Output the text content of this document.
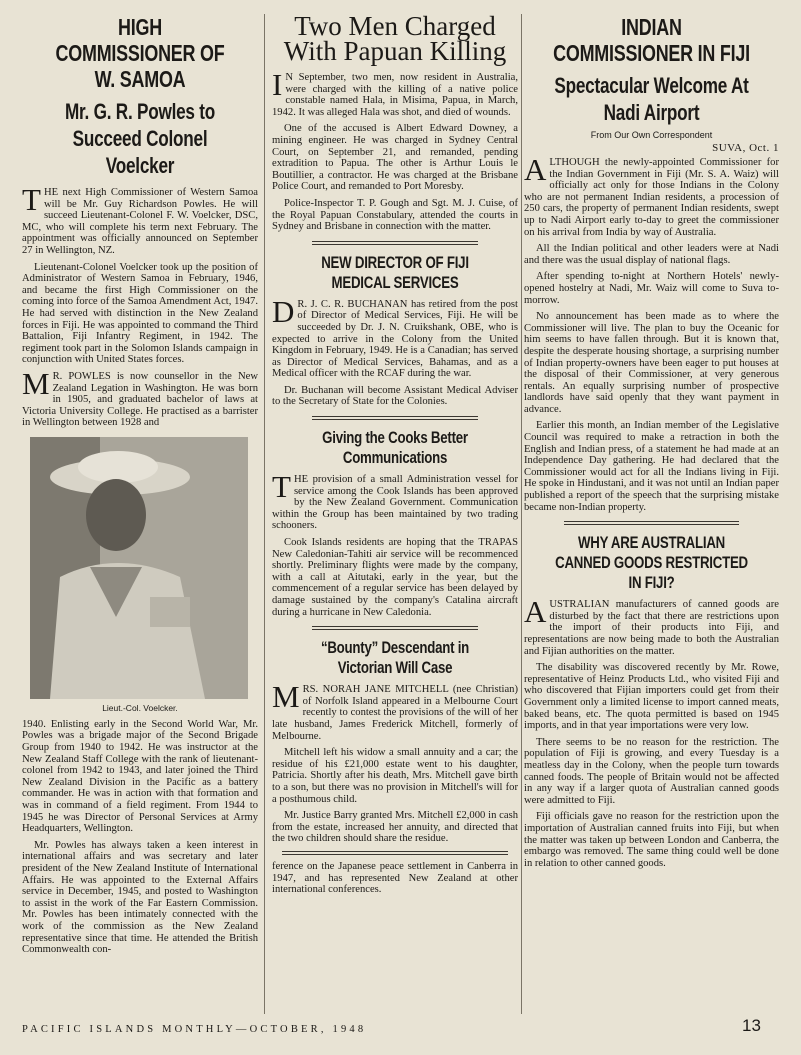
HIGH COMMISSIONER OF W. SAMOA
Mr. G. R. Powles to Succeed Colonel Voelcker

THE next High Commissioner of Western Samoa will be Mr. Guy Richardson Powles. He will succeed Lieutenant-Colonel F. W. Voelcker, DSC, MC, who will complete his term next February. The appointment was officially announced on September 27 in Wellington, NZ.

Lieutenant-Colonel Voelcker took up the position of Administrator of Western Samoa in February, 1946, and became the first High Commissioner on the coming into force of the Samoa Amendment Act, 1947. He had served with distinction in the New Zealand forces in Fiji. He was appointed to command the Third Battalion, Fiji Infantry Regiment, in 1942. The regiment took part in the Solomon Islands campaign in conjunction with United States forces.

M R. POWLES is now counsellor in the New Zealand Legation in Washington. He was born in 1905, and graduated bachelor of laws at Victoria University College. He practised as a barrister in Wellington between 1928 and

Lieut.-Col. Voelcker.

1940. Enlisting early in the Second World War, Mr. Powles was a brigade major of the Second Brigade Group from 1940 to 1942. He was instructor at the New Zealand Staff College with the rank of lieutenant-colonel from 1942 to 1943, and later joined the Third New Zealand Division in the Pacific as a battery commander. He was in action with that formation and was in command of a field regiment. From 1944 to 1945 he was Director of Personal Services at Army Headquarters, Wellington.

Mr. Powles has always taken a keen interest in international affairs and was secretary and later president of the New Zealand Institute of International Affairs. He was appointed to the External Affairs service in December, 1945, and posted to Washington to assist in the work of the Far Eastern Commission. Mr. Powles has been intimately connected with the work of the commission as the New Zealand representative since that time. He attended the British Commonwealth con-

Two Men Charged With Papuan Killing

I N September, two men, now resident in Australia, were charged with the killing of a native police constable named Hala, in Misima, Papua, in March, 1942. It was alleged Hala was shot, and died of wounds.

One of the accused is Albert Edward Downey, a mining engineer. He was charged in Sydney Central Court, on September 21, and remanded, pending extradition to Papua. The other is Arthur Louis le Boutillier, a contractor. He was charged at the Brisbane Police Court, and remanded to Port Moresby.

Police-Inspector T. P. Gough and Sgt. M. J. Cuise, of the Royal Papuan Constabulary, attended the courts in Sydney and Brisbane in connection with the matter.

NEW DIRECTOR OF FIJI MEDICAL SERVICES

D R. J. C. R. BUCHANAN has retired from the post of Director of Medical Services, Fiji. He will be succeeded by Dr. J. N. Cruikshank, OBE, who is expected to arrive in the Colony from the United Kingdom in February, 1949. He is a Canadian; has served as Director of Medical Services, Bahamas, and as a Medical officer with the RCAF during the war.

Dr. Buchanan will become Assistant Medical Adviser to the Secretary of State for the Colonies.

Giving the Cooks Better Communications

THE provision of a small Administration vessel for service among the Cook Islands has been approved by the New Zealand Government. Communication within the Group has been maintained by two trading schooners.

Cook Islands residents are hoping that the TRAPAS New Caledonian-Tahiti air service will be recommenced shortly. Preliminary flights were made by the company, with a call at Aitutaki, early in the year, but the commencement of a regular service has been delayed by damage sustained by the company's Catalina aircraft during a hurricane in New Caledonia.

“Bounty” Descendant in Victorian Will Case

MRS. NORAH JANE MITCHELL (nee Christian) of Norfolk Island appeared in a Melbourne Court recently to contest the provisions of the will of her late husband, James Frederick Mitchell, formerly of Melbourne.

Mitchell left his widow a small annuity and a car; the residue of his £21,000 estate went to his daughter, Patricia. Shortly after his death, Mrs. Mitchell gave birth to a son, but there was no provision in Mitchell's will for a posthumous child.

Mr. Justice Barry granted Mrs. Mitchell £2,000 in cash from the estate, increased her annuity, and directed that the two children should share the residue.

ference on the Japanese peace settlement in Canberra in 1947, and has represented New Zealand at other international conferences.

INDIAN COMMISSIONER IN FIJI
Spectacular Welcome At Nadi Airport
From Our Own Correspondent
SUVA, Oct. 1

ALTHOUGH the newly-appointed Commissioner for the Indian Government in Fiji (Mr. S. A. Waiz) will officially act only for those Indians in the Colony who are not permanent Indian residents, a procession of 250 cars, the property of permanent Indian residents, swept up to Nadi Airport early to-day to greet the commissioner on his arrival from India by way of Australia.

All the Indian political and other leaders were at Nadi and there was the usual display of national flags.

After spending to-night at Northern Hotels' newly-opened hostelry at Nadi, Mr. Waiz will come to Suva to-morrow.

No announcement has been made as to where the Commissioner will live. The plan to buy the Oceanic for him seems to have fallen through. But it is known that, despite the desperate housing shortage, a surprising number of Indian property-owners have been eager to put houses at the disposal of their Commissioner, at very generous rentals. An equally surprising number of prospective landlords have said openly that they want payment in advance.

Earlier this month, an Indian member of the Legislative Council was required to make a retraction in both the English and Indian press, of a statement he had made at an Independence Day gathering. He had declared that the Commissioner would act for all the Indians living in Fiji. He spoke in Hindustani, and it was not until an Indian paper published a report of the speech that the surprising mistake became non-Indian property.

WHY ARE AUSTRALIAN CANNED GOODS RESTRICTED IN FIJI?

AUSTRALIAN manufacturers of canned goods are disturbed by the fact that there are restrictions upon the import of their products into Fiji, and representations are now being made to both the Australian and Fijian authorities on the matter.

The disability was discovered recently by Mr. Rowe, representative of Heinz Products Ltd., who visited Fiji and who discovered that Fijian importers could get from their Government only a limited license to import canned meats, baked beans, etc. The quota permitted is based on 1945 imports, and in that year importations were very low.

There seems to be no reason for the restriction. The population of Fiji is growing, and every Tuesday is a meatless day in the Colony, when the people turn towards canned foods. The people of Britain would not be affected in any way if a larger quota of Australian canned goods were admitted to Fiji.

Fiji officials gave no reason for the restriction upon the importation of Australian canned fruits into Fiji, but when the matter was taken up between London and Canberra, the embargo was removed. The same thing could well be done in relation to other canned goods.

PACIFIC ISLANDS MONTHLY—OCTOBER, 1948	13
